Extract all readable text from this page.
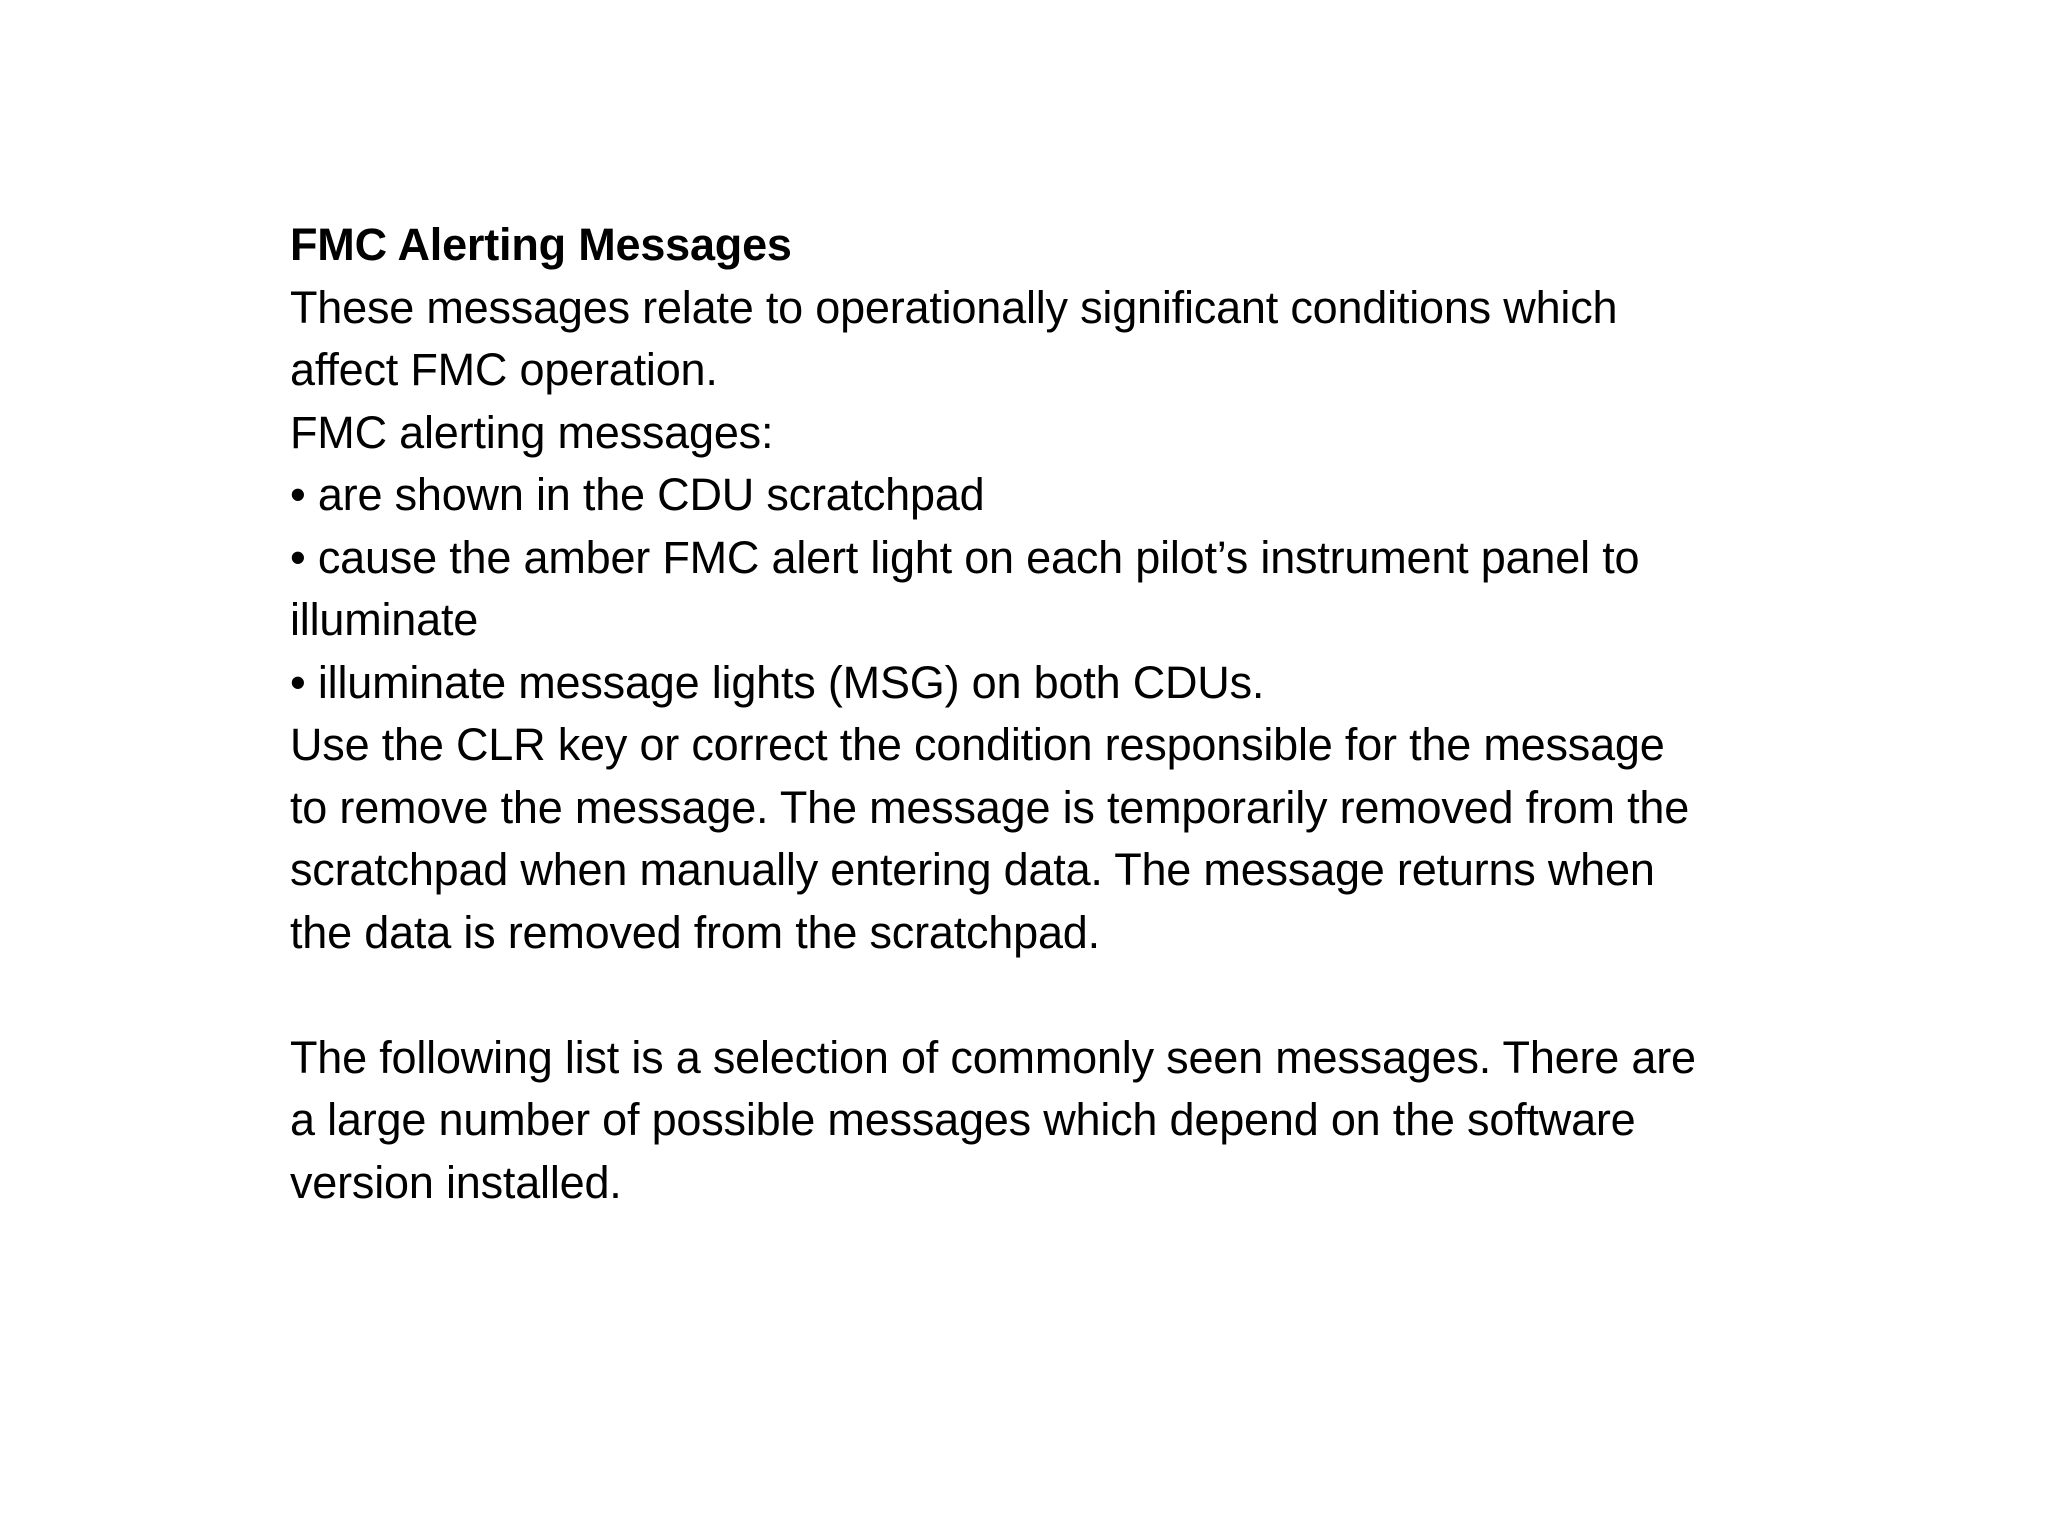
FMC Alerting Messages
These messages relate to operationally significant conditions which
affect FMC operation.
FMC alerting messages:
• are shown in the CDU scratchpad
• cause the amber FMC alert light on each pilot’s instrument panel to
illuminate
• illuminate message lights (MSG) on both CDUs.
Use the CLR key or correct the condition responsible for the message
to remove the message. The message is temporarily removed from the
scratchpad when manually entering data. The message returns when
the data is removed from the scratchpad.
The following list is a selection of commonly seen messages. There are
a large number of possible messages which depend on the software
version installed.
